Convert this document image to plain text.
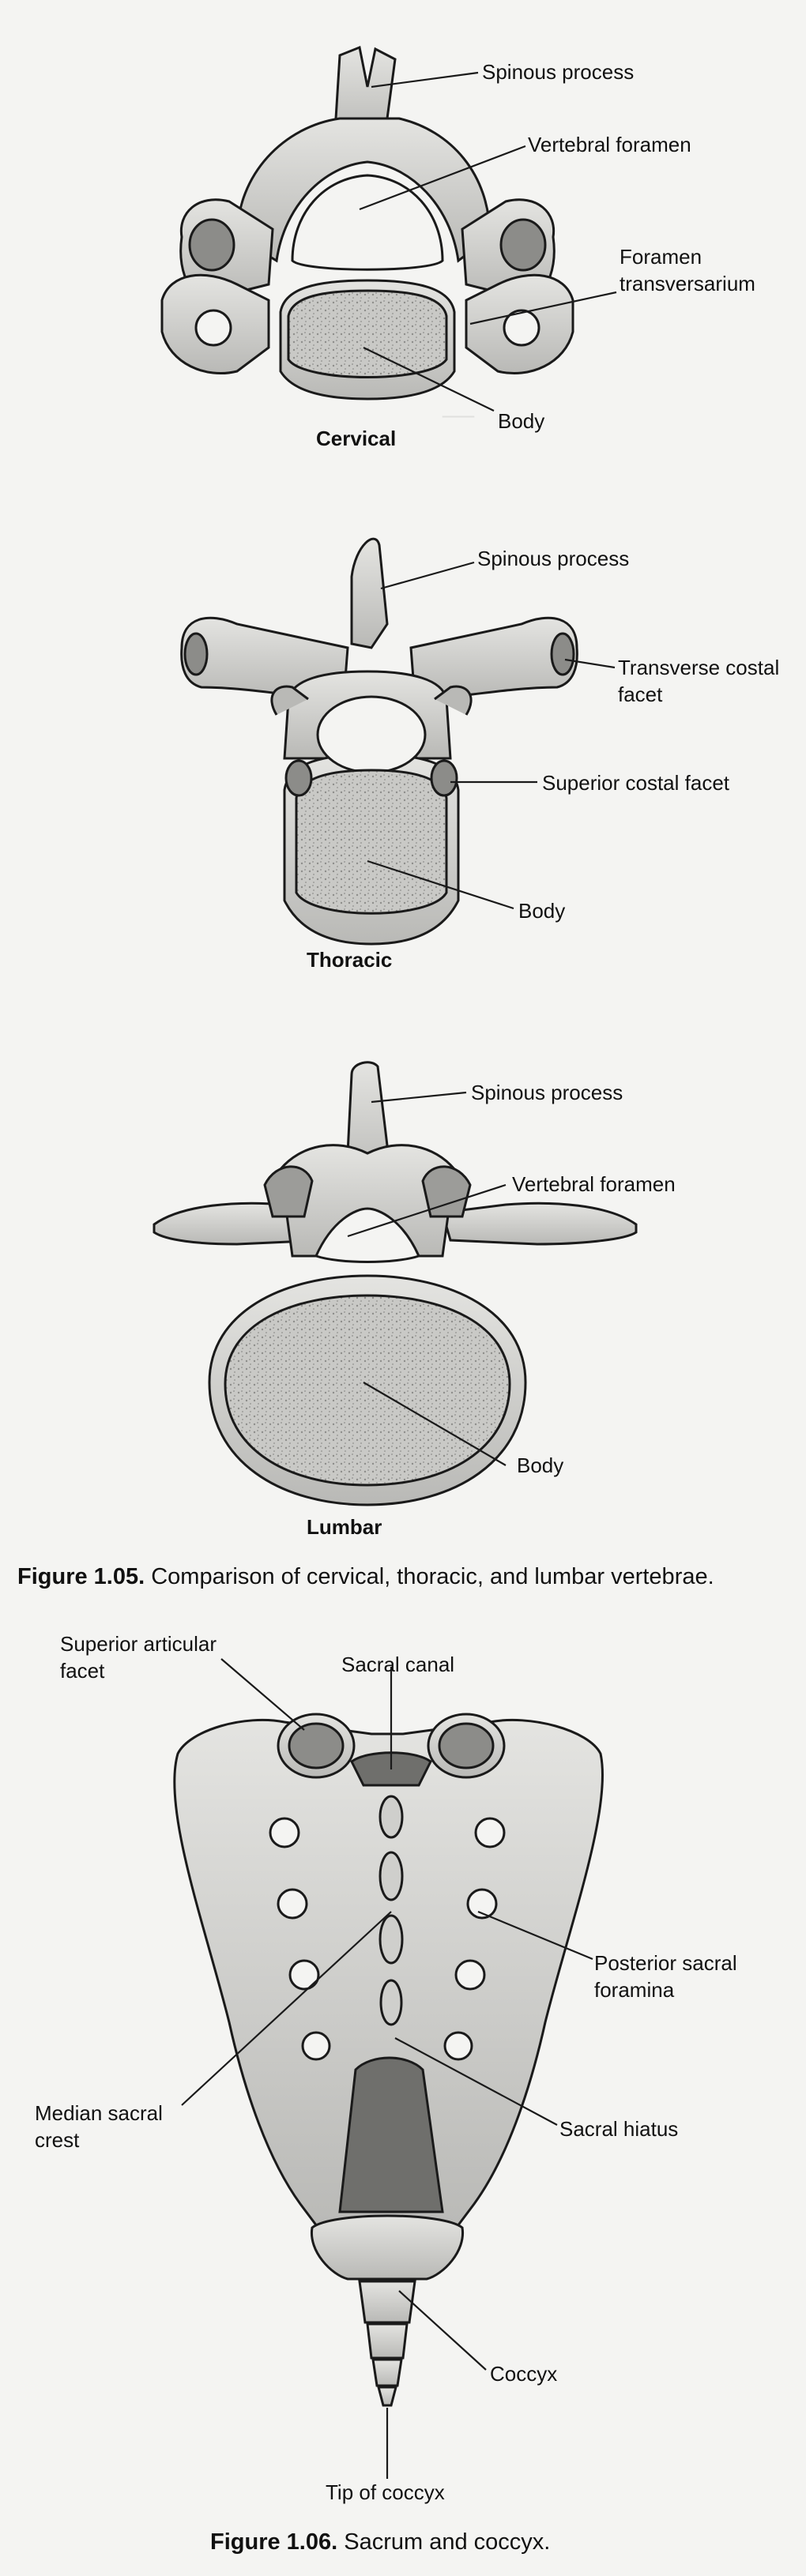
—
Spinous process
Vertebral foramen
Foramen
transversarium
Body
Cervical
Spinous process
Transverse costal
facet
Superior costal facet
Body
Thoracic
Spinous process
Vertebral foramen
Body
Lumbar
Figure 1.05. Comparison of cervical, thoracic, and lumbar vertebrae.
Superior articular
facet	Sacral canal
Median sacral
crest
Posterior sacral
foramina
Sacral hiatus
Coccyx
Tip of coccyx
Figure 1.06. Sacrum and coccyx.
